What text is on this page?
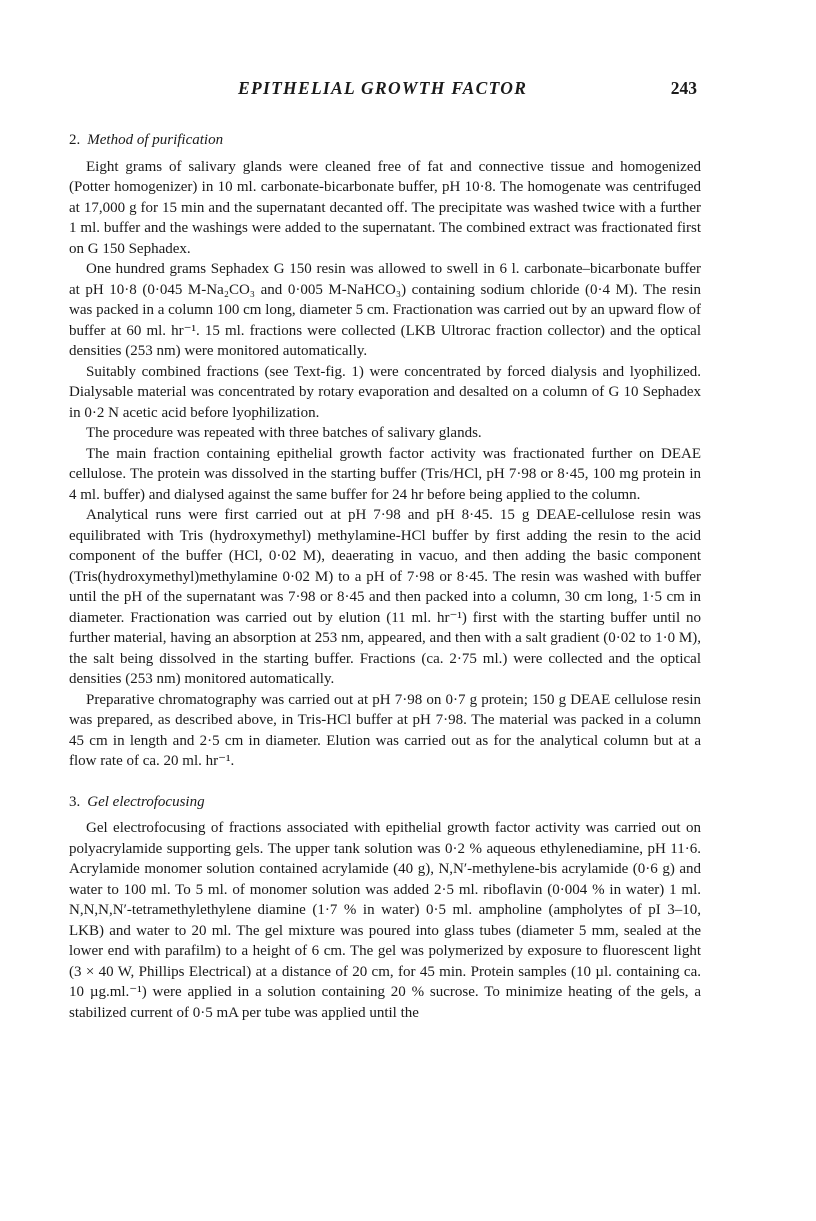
EPITHELIAL GROWTH FACTOR	243
2. Method of purification

Eight grams of salivary glands were cleaned free of fat and connective tissue and homogenized (Potter homogenizer) in 10 ml. carbonate-bicarbonate buffer, pH 10·8. The homogenate was centrifuged at 17,000 g for 15 min and the supernatant decanted off. The precipitate was washed twice with a further 1 ml. buffer and the washings were added to the supernatant. The combined extract was fractionated first on G 150 Sephadex.

One hundred grams Sephadex G 150 resin was allowed to swell in 6 l. carbonate–bicarbonate buffer at pH 10·8 (0·045 M-Na₂CO₃ and 0·005 M-NaHCO₃) containing sodium chloride (0·4 M). The resin was packed in a column 100 cm long, diameter 5 cm. Fractionation was carried out by an upward flow of buffer at 60 ml. hr⁻¹. 15 ml. fractions were collected (LKB Ultrorac fraction collector) and the optical densities (253 nm) were monitored automatically.

Suitably combined fractions (see Text-fig. 1) were concentrated by forced dialysis and lyophilized. Dialysable material was concentrated by rotary evaporation and desalted on a column of G 10 Sephadex in 0·2 N acetic acid before lyophilization.

The procedure was repeated with three batches of salivary glands.

The main fraction containing epithelial growth factor activity was fractionated further on DEAE cellulose. The protein was dissolved in the starting buffer (Tris/HCl, pH 7·98 or 8·45, 100 mg protein in 4 ml. buffer) and dialysed against the same buffer for 24 hr before being applied to the column.

Analytical runs were first carried out at pH 7·98 and pH 8·45. 15 g DEAE-cellulose resin was equilibrated with Tris (hydroxymethyl) methylamine-HCl buffer by first adding the resin to the acid component of the buffer (HCl, 0·02 M), deaerating in vacuo, and then adding the basic component (Tris(hydroxymethyl)methylamine 0·02 M) to a pH of 7·98 or 8·45. The resin was washed with buffer until the pH of the supernatant was 7·98 or 8·45 and then packed into a column, 30 cm long, 1·5 cm in diameter. Fractionation was carried out by elution (11 ml. hr⁻¹) first with the starting buffer until no further material, having an absorption at 253 nm, appeared, and then with a salt gradient (0·02 to 1·0 M), the salt being dissolved in the starting buffer. Fractions (ca. 2·75 ml.) were collected and the optical densities (253 nm) monitored automatically.

Preparative chromatography was carried out at pH 7·98 on 0·7 g protein; 150 g DEAE cellulose resin was prepared, as described above, in Tris-HCl buffer at pH 7·98. The material was packed in a column 45 cm in length and 2·5 cm in diameter. Elution was carried out as for the analytical column but at a flow rate of ca. 20 ml. hr⁻¹.

3. Gel electrofocusing

Gel electrofocusing of fractions associated with epithelial growth factor activity was carried out on polyacrylamide supporting gels. The upper tank solution was 0·2 % aqueous ethylenediamine, pH 11·6. Acrylamide monomer solution contained acrylamide (40 g), N,N′-methylene-bis acrylamide (0·6 g) and water to 100 ml. To 5 ml. of monomer solution was added 2·5 ml. riboflavin (0·004 % in water) 1 ml. N,N,N,N′-tetramethylethylene diamine (1·7 % in water) 0·5 ml. ampholine (ampholytes of pI 3–10, LKB) and water to 20 ml. The gel mixture was poured into glass tubes (diameter 5 mm, sealed at the lower end with parafilm) to a height of 6 cm. The gel was polymerized by exposure to fluorescent light (3 × 40 W, Phillips Electrical) at a distance of 20 cm, for 45 min. Protein samples (10 µl. containing ca. 10 µg.ml.⁻¹) were applied in a solution containing 20 % sucrose. To minimize heating of the gels, a stabilized current of 0·5 mA per tube was applied until the
